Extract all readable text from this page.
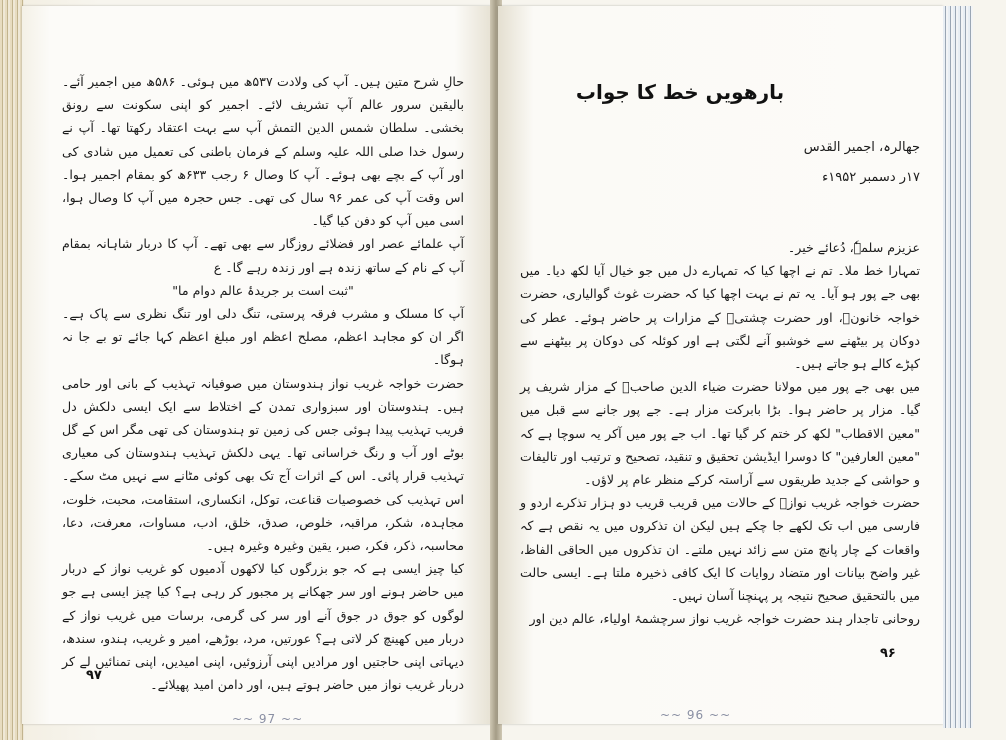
حالِ شرح متین ہیں۔ آپ کی ولادت ۵۳۷ھ میں ہوئی۔ ۵۸۶ھ میں اجمیر آئے۔ بالیقین سرور عالم آپ تشریف لائے۔ اجمیر کو اپنی سکونت سے رونق بخشی۔ سلطان شمس الدین التمش آپ سے بہت اعتقاد رکھتا تھا۔ آپ نے رسول خدا صلی اللہ علیہ وسلم کے فرمان باطنی کی تعمیل میں شادی کی اور آپ کے بچے بھی ہوئے۔ آپ کا وصال ۶ رجب ۶۳۳ھ کو بمقام اجمیر ہوا۔ اس وقت آپ کی عمر ۹۶ سال کی تھی۔ جس حجرہ میں آپ کا وصال ہوا، اسی میں آپ کو دفن کیا گیا۔

آپ علمائے عصر اور فضلائے روزگار سے بھی تھے۔ آپ کا دربار شاہانہ بمقام آپ کے نام کے ساتھ زندہ ہے اور زندہ رہے گا۔ ع

"ثبت است بر جریدۂ عالم دوام ما"

آپ کا مسلک و مشرب فرقہ پرستی، تنگ دلی اور تنگ نظری سے پاک ہے۔ اگر ان کو مجاہد اعظم، مصلح اعظم اور مبلغ اعظم کہا جائے تو بے جا نہ ہوگا۔

حضرت خواجہ غریب نواز ہندوستان میں صوفیانہ تہذیب کے بانی اور حامی ہیں۔ ہندوستان اور سبزواری تمدن کے اختلاط سے ایک ایسی دلکش دل فریب تہذیب پیدا ہوئی جس کی زمین تو ہندوستان کی تھی مگر اس کے گل بوٹے اور آب و رنگ خراسانی تھا۔ یہی دلکش تہذیب ہندوستان کی معیاری تہذیب قرار پائی۔ اس کے اثرات آج تک بھی کوئی مٹانے سے نہیں مٹ سکے۔ اس تہذیب کی خصوصیات قناعت، توکل، انکساری، استقامت، محبت، خلوت، مجاہدہ، شکر، مراقبہ، خلوص، صدق، خلق، ادب، مساوات، معرفت، دعا، محاسبہ، ذکر، فکر، صبر، یقین وغیرہ وغیرہ ہیں۔

کیا چیز ایسی ہے کہ جو بزرگوں کیا لاکھوں آدمیوں کو غریب نواز کے دربار میں حاضر ہونے اور سر جھکانے پر مجبور کر رہی ہے؟ کیا چیز ایسی ہے جو لوگوں کو جوق در جوق آنے اور سر کی گرمی، برسات میں غریب نواز کے دربار میں کھینچ کر لاتی ہے؟ عورتیں، مرد، بوڑھے، امیر و غریب، ہندو، سندھ، دیہاتی اپنی حاجتیں اور مرادیں اپنی آرزوئیں، اپنی امیدیں، اپنی تمنائیں لے کر دربار غریب نواز میں حاضر ہوتے ہیں، اور دامن امید پھیلائے۔

۹۷
~~ 97 ~~
بارھویں خط کا جواب
جھالرہ، اجمیر القدس
۱۷ر دسمبر ۱۹۵۲ء

عزیزم سلمہٗ، دُعائے خیر۔

تمہارا خط ملا۔ تم نے اچھا کیا کہ تمہارے دل میں جو خیال آیا لکھ دیا۔ میں بھی جے پور ہو آیا۔ یہ تم نے بہت اچھا کیا کہ حضرت غوث گوالیاری، حضرت خواجہ خانونؒ، اور حضرت چشتیؒ کے مزارات پر حاضر ہوئے۔ عطر کی دوکان پر بیٹھنے سے خوشبو آنے لگتی ہے اور کوئلہ کی دوکان پر بیٹھنے سے کپڑے کالے ہو جاتے ہیں۔

میں بھی جے پور میں مولانا حضرت ضیاء الدین صاحبؒ کے مزار شریف پر گیا۔ مزار پر حاضر ہوا۔ بڑا بابرکت مزار ہے۔ جے پور جانے سے قبل میں "معین الاقطاب" لکھ کر ختم کر گیا تھا۔ اب جے پور میں آکر یہ سوچا ہے کہ "معین العارفین" کا دوسرا ایڈیشن تحقیق و تنقید، تصحیح و ترتیب اور تالیفات و حواشی کے جدید طریقوں سے آراستہ کرکے منظر عام پر لاؤں۔

حضرت خواجہ غریب نوازؒ کے حالات میں قریب قریب دو ہزار تذکرے اردو و فارسی میں اب تک لکھے جا چکے ہیں لیکن ان تذکروں میں یہ نقص ہے کہ واقعات کے چار پانچ متن سے زائد نہیں ملتے۔ ان تذکروں میں الحاقی الفاظ، غیر واضح بیانات اور متضاد روایات کا ایک کافی ذخیرہ ملتا ہے۔ ایسی حالت میں بالتحقیق صحیح نتیجہ پر پہنچنا آسان نہیں۔

روحانی تاجدار ہند حضرت خواجہ غریب نواز سرچشمۂ اولیاء، عالم دین اور

۹۶
~~ 96 ~~
